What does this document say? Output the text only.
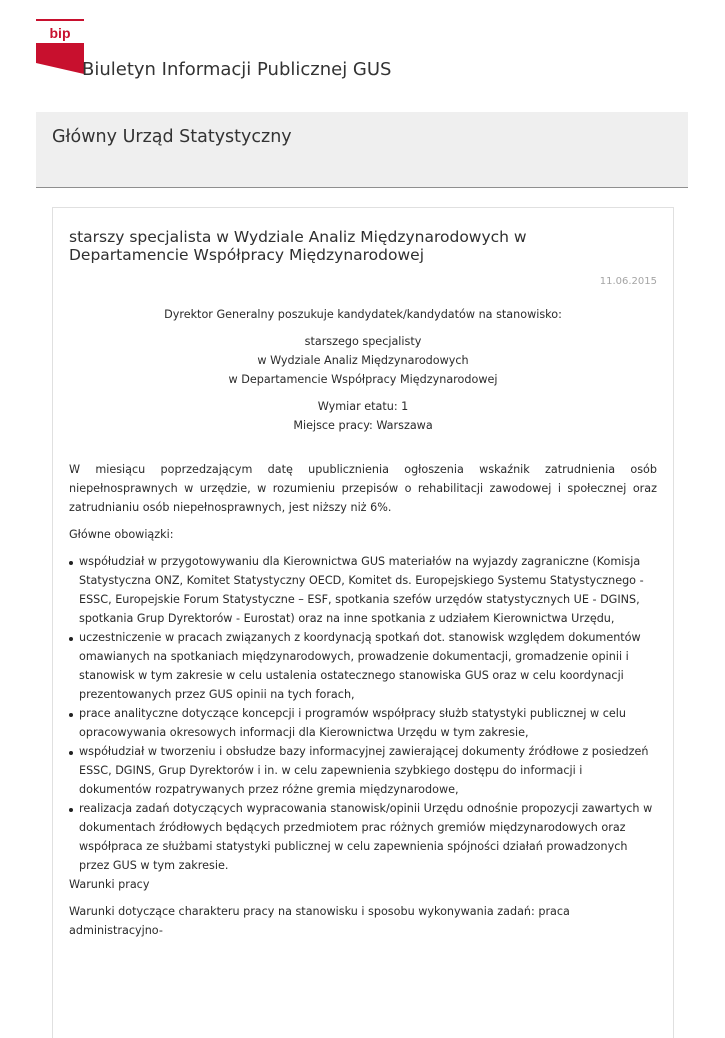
bip
Biuletyn Informacji Publicznej GUS
Główny Urząd Statystyczny
starszy specjalista w Wydziale Analiz Międzynarodowych w Departamencie Współpracy Międzynarodowej
11.06.2015

Dyrektor Generalny poszukuje kandydatek/kandydatów na stanowisko:

starszego specjalisty
w Wydziale Analiz Międzynarodowych
w Departamencie Współpracy Międzynarodowej

Wymiar etatu: 1
Miejsce pracy: Warszawa

W miesiącu poprzedzającym datę upublicznienia ogłoszenia wskaźnik zatrudnienia osób niepełnosprawnych w urzędzie, w rozumieniu przepisów o rehabilitacji zawodowej i społecznej oraz zatrudnianiu osób niepełnosprawnych, jest niższy niż 6%.

Główne obowiązki:

współudział w przygotowywaniu dla Kierownictwa GUS materiałów na wyjazdy zagraniczne (Komisja Statystyczna ONZ, Komitet Statystyczny OECD, Komitet ds. Europejskiego Systemu Statystycznego - ESSC, Europejskie Forum Statystyczne – ESF, spotkania szefów urzędów statystycznych UE - DGINS, spotkania Grup Dyrektorów - Eurostat) oraz na inne spotkania z udziałem Kierownictwa Urzędu,
uczestniczenie w pracach związanych z koordynacją spotkań dot. stanowisk względem dokumentów omawianych na spotkaniach międzynarodowych, prowadzenie dokumentacji, gromadzenie opinii i stanowisk w tym zakresie w celu ustalenia ostatecznego stanowiska GUS oraz w celu koordynacji prezentowanych przez GUS opinii na tych forach,
prace analityczne dotyczące koncepcji i programów współpracy służb statystyki publicznej w celu opracowywania okresowych informacji dla Kierownictwa Urzędu w tym zakresie,
współudział w tworzeniu i obsłudze bazy informacyjnej zawierającej dokumenty źródłowe z posiedzeń ESSC, DGINS, Grup Dyrektorów i in. w celu zapewnienia szybkiego dostępu do informacji i dokumentów rozpatrywanych przez różne gremia międzynarodowe,
realizacja zadań dotyczących wypracowania stanowisk/opinii Urzędu odnośnie propozycji zawartych w dokumentach źródłowych będących przedmiotem prac różnych gremiów międzynarodowych oraz współpraca ze służbami statystyki publicznej w celu zapewnienia spójności działań prowadzonych przez GUS w tym zakresie.

Warunki pracy

Warunki dotyczące charakteru pracy na stanowisku i sposobu wykonywania zadań: praca administracyjno-
